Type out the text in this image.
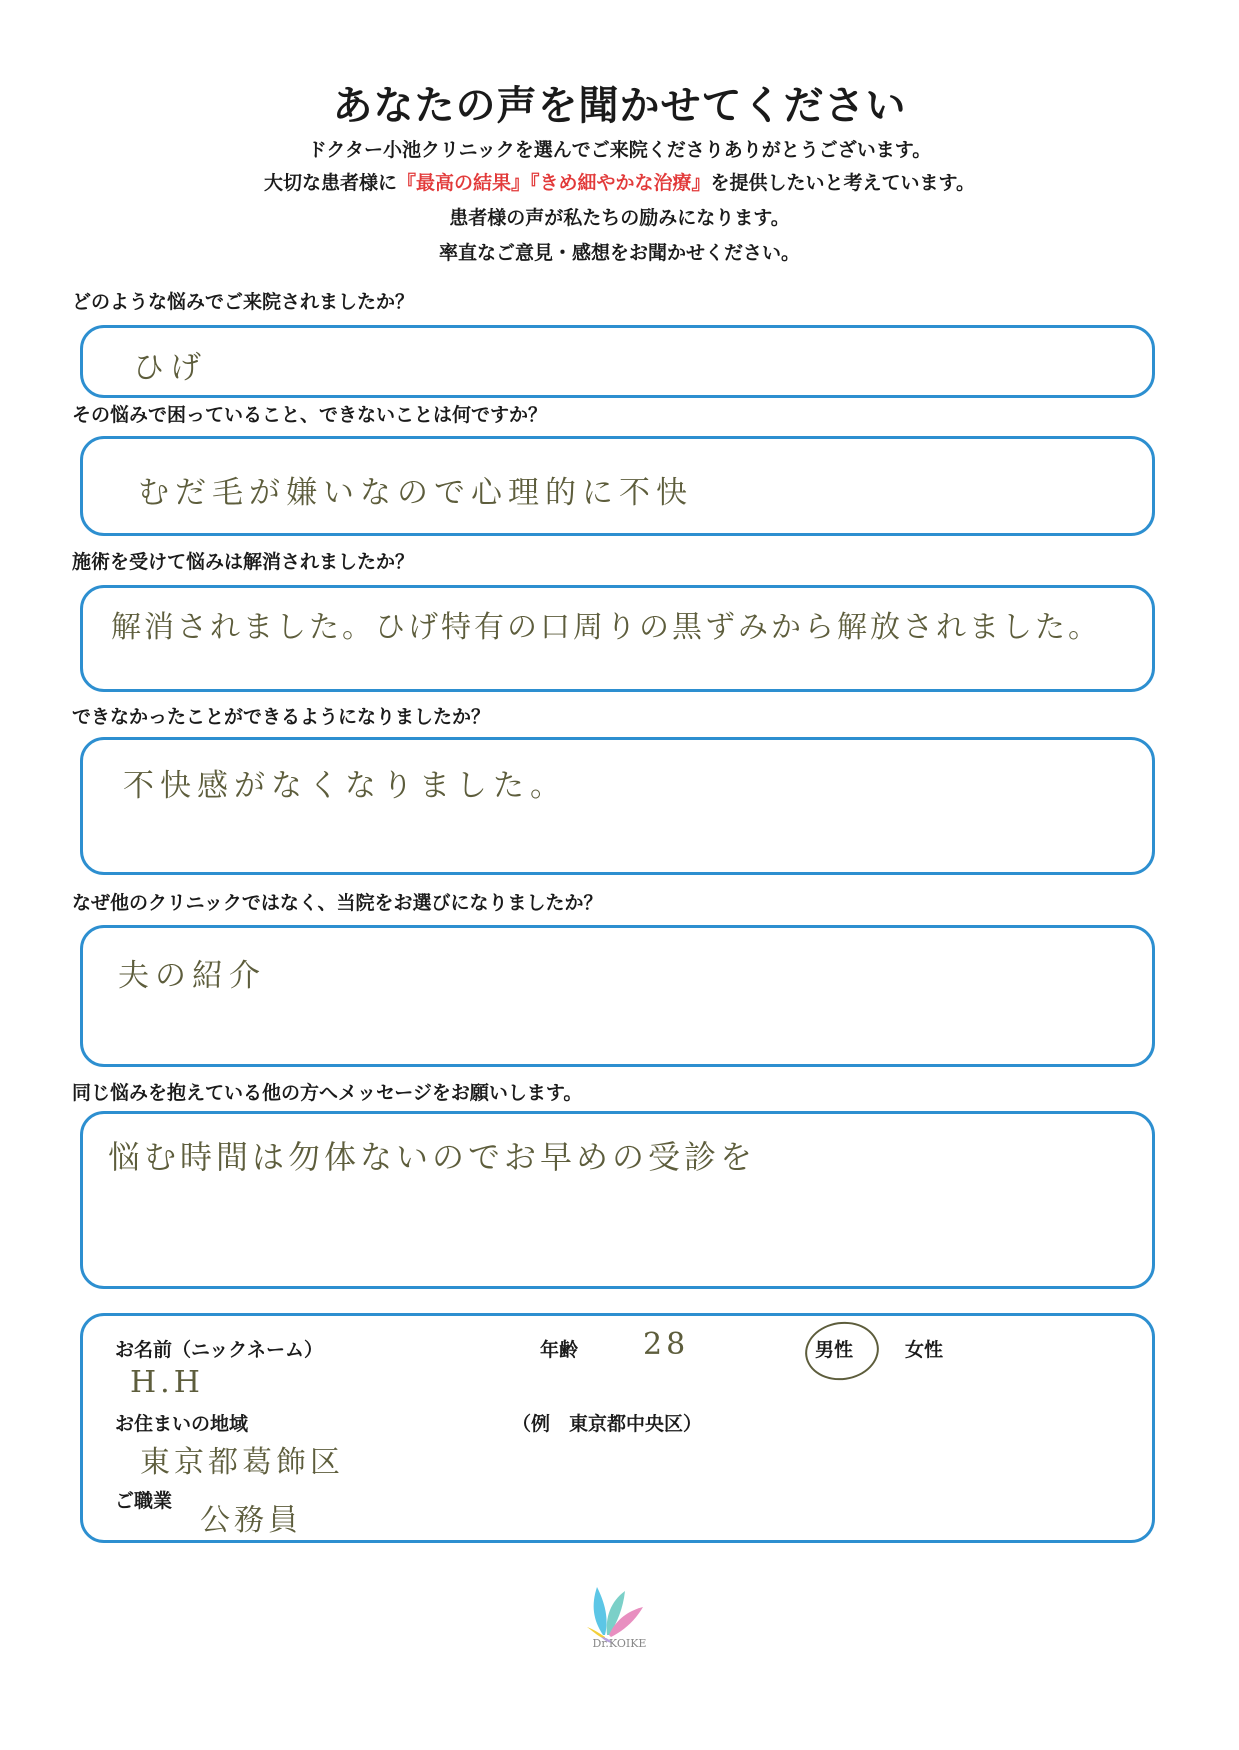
あなたの声を聞かせてください
ドクター小池クリニックを選んでご来院くださりありがとうございます。
大切な患者様に『最高の結果』『きめ細やかな治療』を提供したいと考えています。
患者様の声が私たちの励みになります。
率直なご意見・感想をお聞かせください。
どのような悩みでご来院されましたか？
ひげ
その悩みで困っていること、できないことは何ですか？
むだ毛が嫌いなので心理的に不快
施術を受けて悩みは解消されましたか？
解消されました。ひげ特有の口周りの黒ずみから解放されました。
できなかったことができるようになりましたか？
不快感がなくなりました。
なぜ他のクリニックではなく、当院をお選びになりましたか？
夫の紹介
同じ悩みを抱えている他の方へメッセージをお願いします。
悩む時間は勿体ないのでお早めの受診を
お名前（ニックネーム）
H.H
年齢 28	男性	女性
お住まいの地域	（例　東京都中央区）
東京都葛飾区
ご職業
公務員
Dr.KOIKE
